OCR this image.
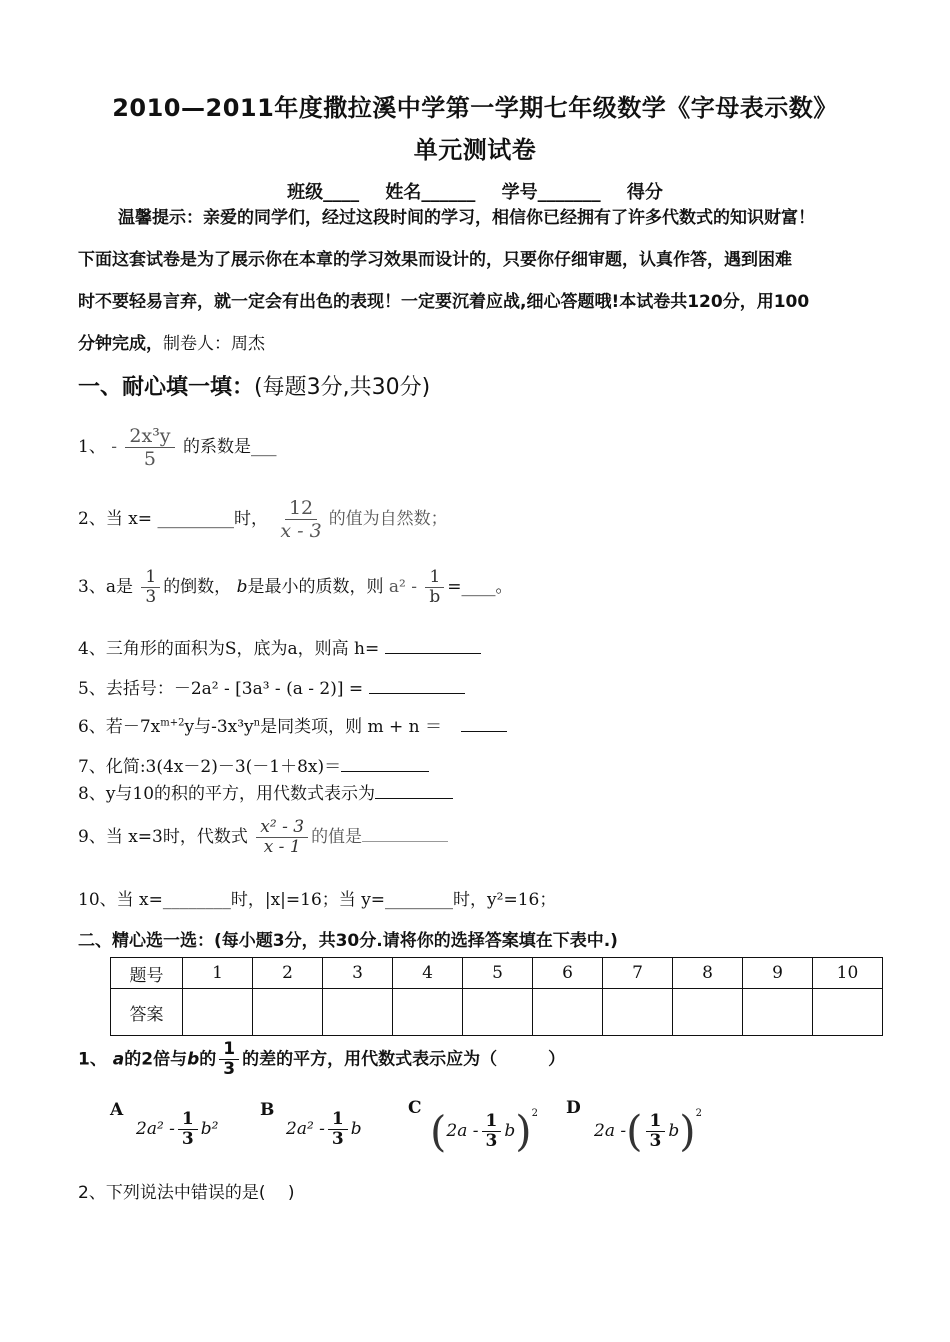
2010—2011年度撒拉溪中学第一学期七年级数学《字母表示数》
单元测试卷
班级____ 姓名______ 学号_______ 得分
温馨提示：亲爱的同学们，经过这段时间的学习，相信你已经拥有了许多代数式的知识财富！
下面这套试卷是为了展示你在本章的学习效果而设计的，只要你仔细审题，认真作答，遇到困难
时不要轻易言弃，就一定会有出色的表现！一定要沉着应战,细心答题哦!本试卷共120分，用100
分钟完成，制卷人：周杰
一、耐心填一填：(每题3分,共30分)
1、 - $\frac{\text{2x³y}}{5}$ 的系数是___
2、当 x= _________时， $\frac{12}{x - 3}$ 的值为自然数；
3、a是 $\frac{1}{3}$ 的倒数， b是最小的质数，则 $a^2 - \frac{1}{b}$ =____。
4、三角形的面积为S，底为a，则高 h=
5、去括号：－2a² - [3a³ - (a - 2)] =
6、若$-7x^{m+2}y$与$-3x^3y^n$是同类项，则 m + n ＝
7、化简:3(4x－2)－3(－1＋8x)＝
8、y与10的积的平方，用代数式表示为
9、当 x=3时，代数式 $\frac{\text{x² - 3}}{x - 1}$ 的值是
10、当 x=________时，|x|=16；当 y=________时，y²=16；
二、精心选一选：(每小题3分，共30分.请将你的选择答案填在下表中.)
题号	1	2	3	4	5	6	7	8	9	10
答案										
1、 a的2倍与b的 $\frac{1}{3}$ 的差的平方，用代数式表示应为（　　　）
A
$2a^2 - \frac{1}{3} b^2$
B
$2a^2 - \frac{1}{3}$ b
C $(2a - \frac{1}{3} b)^2$ D
2a -( $\frac{1}{3} b)^2$
2、下列说法中错误的是(　 )
